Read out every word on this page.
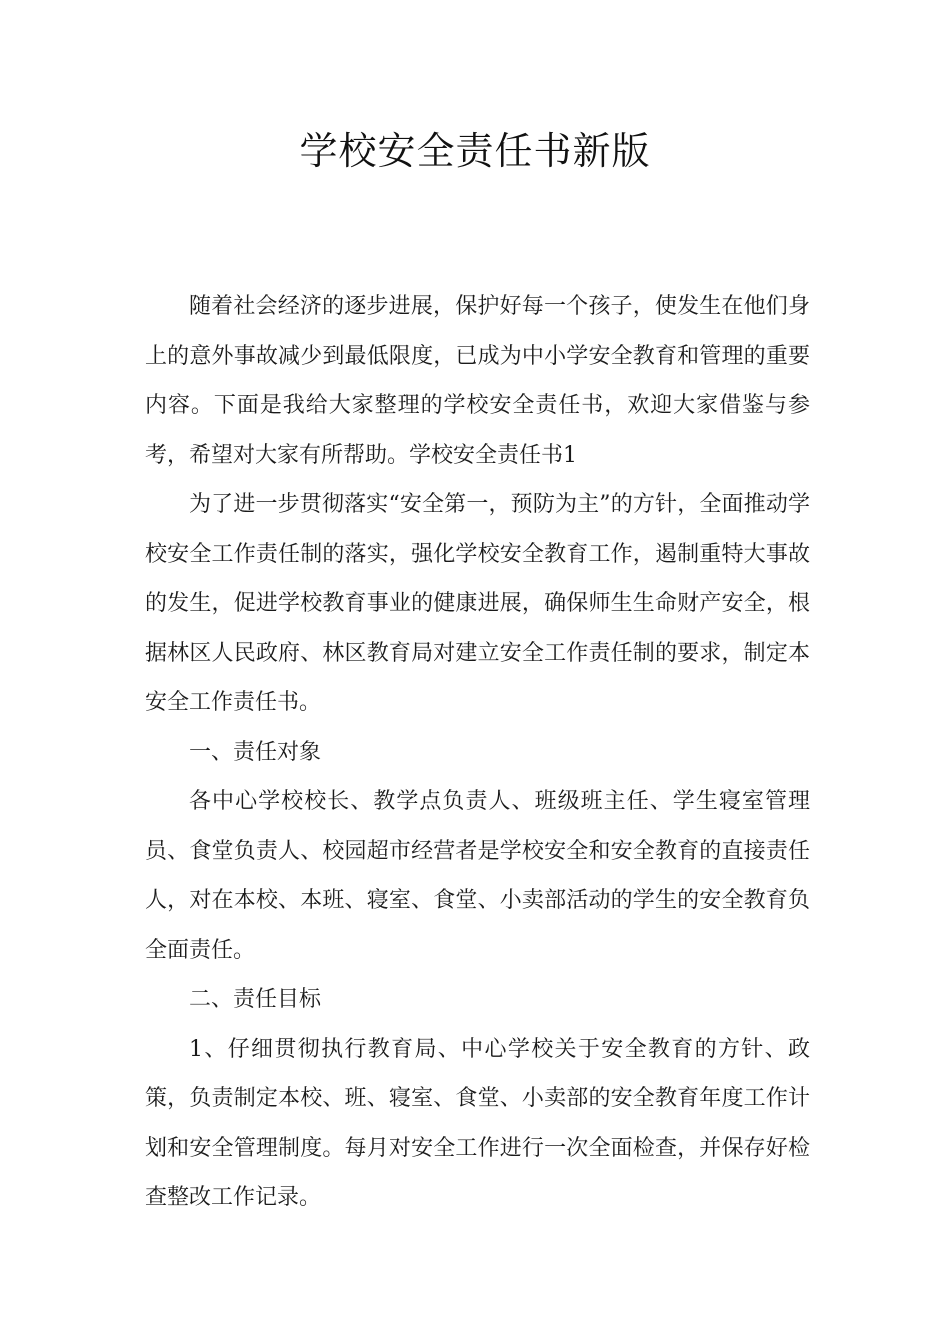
学校安全责任书新版

随着社会经济的逐步进展，保护好每一个孩子，使发生在他们身上的意外事故减少到最低限度，已成为中小学安全教育和管理的重要内容。下面是我给大家整理的学校安全责任书，欢迎大家借鉴与参考，希望对大家有所帮助。学校安全责任书1

为了进一步贯彻落实“安全第一，预防为主”的方针，全面推动学校安全工作责任制的落实，强化学校安全教育工作，遏制重特大事故的发生，促进学校教育事业的健康进展，确保师生生命财产安全，根据林区人民政府、林区教育局对建立安全工作责任制的要求，制定本安全工作责任书。

一、责任对象

各中心学校校长、教学点负责人、班级班主任、学生寝室管理员、食堂负责人、校园超市经营者是学校安全和安全教育的直接责任人，对在本校、本班、寝室、食堂、小卖部活动的学生的安全教育负全面责任。

二、责任目标

1、仔细贯彻执行教育局、中心学校关于安全教育的方针、政策，负责制定本校、班、寝室、食堂、小卖部的安全教育年度工作计划和安全管理制度。每月对安全工作进行一次全面检查，并保存好检查整改工作记录。
